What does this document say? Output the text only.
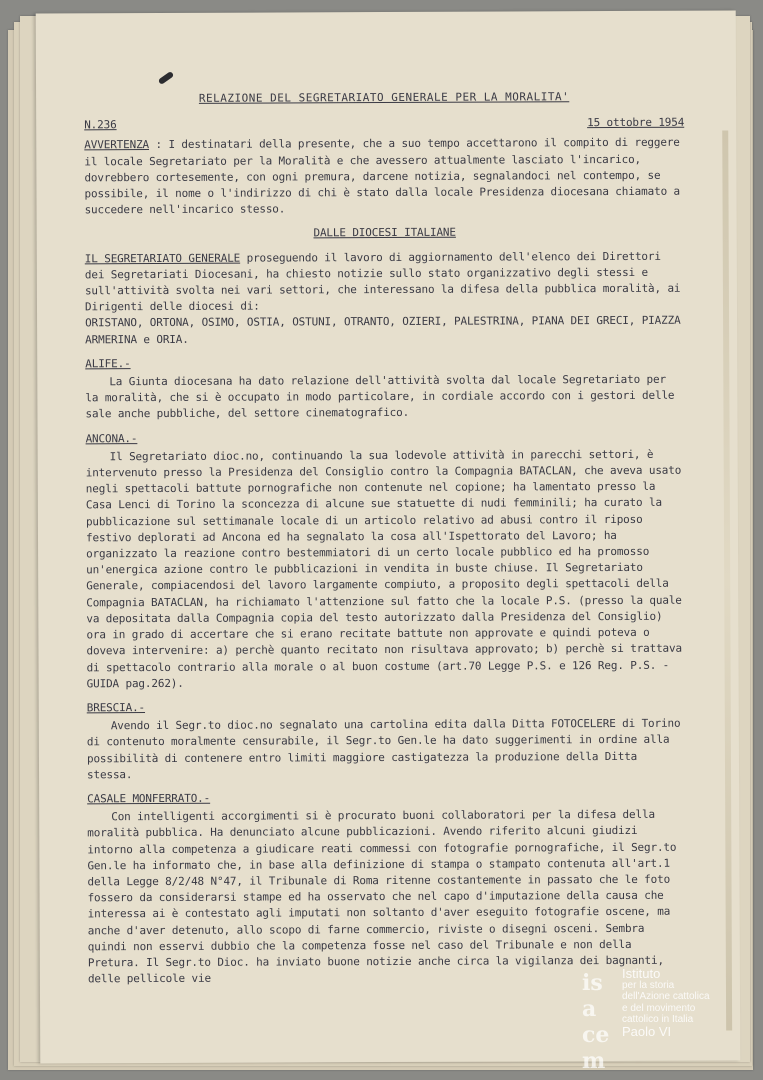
RELAZIONE DEL SEGRETARIATO GENERALE PER LA MORALITA'
N.236	15 ottobre 1954

AVVERTENZA : I destinatari della presente, che a suo tempo accettarono il compito di reggere il locale Segretariato per la Moralità e che avessero attualmente lasciato l'incarico, dovrebbero cortesemente, con ogni premura, darcene notizia, segnalandoci nel contempo, se possibile, il nome o l'indirizzo di chi è stato dalla locale Presidenza diocesana chiamato a succedere nell'incarico stesso.

DALLE DIOCESI ITALIANE

IL SEGRETARIATO GENERALE proseguendo il lavoro di aggiornamento dell'elenco dei Direttori dei Segretariati Diocesani, ha chiesto notizie sullo stato organizzativo degli stessi e sull'attività svolta nei vari settori, che interessano la difesa della pubblica moralità, ai Dirigenti delle diocesi di:
ORISTANO, ORTONA, OSIMO, OSTIA, OSTUNI, OTRANTO, OZIERI, PALESTRINA, PIANA DEI GRECI, PIAZZA ARMERINA e ORIA.

ALIFE.-

La Giunta diocesana ha dato relazione dell'attività svolta dal locale Segretariato per la moralità, che si è occupato in modo particolare, in cordiale accordo con i gestori delle sale anche pubbliche, del settore cinematografico.

ANCONA.-

Il Segretariato dioc.no, continuando la sua lodevole attività in parecchi settori, è intervenuto presso la Presidenza del Consiglio contro la Compagnia BATACLAN, che aveva usato negli spettacoli battute pornografiche non contenute nel copione; ha lamentato presso la Casa Lenci di Torino la sconcezza di alcune sue statuette di nudi femminili; ha curato la pubblicazione sul settimanale locale di un articolo relativo ad abusi contro il riposo festivo deplorati ad Ancona ed ha segnalato la cosa all'Ispettorato del Lavoro; ha organizzato la reazione contro bestemmiatori di un certo locale pubblico ed ha promosso un'energica azione contro le pubblicazioni in vendita in buste chiuse. Il Segretariato Generale, compiacendosi del lavoro largamente compiuto, a proposito degli spettacoli della Compagnia BATACLAN, ha richiamato l'attenzione sul fatto che la locale P.S. (presso la quale va depositata dalla Compagnia copia del testo autorizzato dalla Presidenza del Consiglio) ora in grado di accertare che si erano recitate battute non approvate e quindi poteva o doveva intervenire: a) perchè quanto recitato non risultava approvato; b) perchè si trattava di spettacolo contrario alla morale o al buon costume (art.70 Legge P.S. e 126 Reg. P.S. - GUIDA pag.262).

BRESCIA.-

Avendo il Segr.to dioc.no segnalato una cartolina edita dalla Ditta FOTOCELERE di Torino di contenuto moralmente censurabile, il Segr.to Gen.le ha dato suggerimenti in ordine alla possibilità di contenere entro limiti maggiore castigatezza la produzione della Ditta stessa.

CASALE MONFERRATO.-

Con intelligenti accorgimenti si è procurato buoni collaboratori per la difesa della moralità pubblica. Ha denunciato alcune pubblicazioni. Avendo riferito alcuni giudizi intorno alla competenza a giudicare reati commessi con fotografie pornografiche, il Segr.to Gen.le ha informato che, in base alla definizione di stampa o stampato contenuta all'art.1 della Legge 8/2/48 N°47, il Tribunale di Roma ritenne costantemente in passato che le foto fossero da considerarsi stampe ed ha osservato che nel capo d'imputazione della causa che interessa ai è contestato agli imputati non soltanto d'aver eseguito fotografie oscene, ma anche d'aver detenuto, allo scopo di farne commercio, riviste o disegni osceni. Sembra quindi non esservi dubbio che la competenza fosse nel caso del Tribunale e non della Pretura. Il Segr.to Dioc. ha inviato buone notizie anche circa la vigilanza dei bagnanti, delle pellicole vie	is
a
ce
m
Istituto
per la storia
dell'Azione cattolica
e del movimento
cattolico in Italia
Paolo VI
